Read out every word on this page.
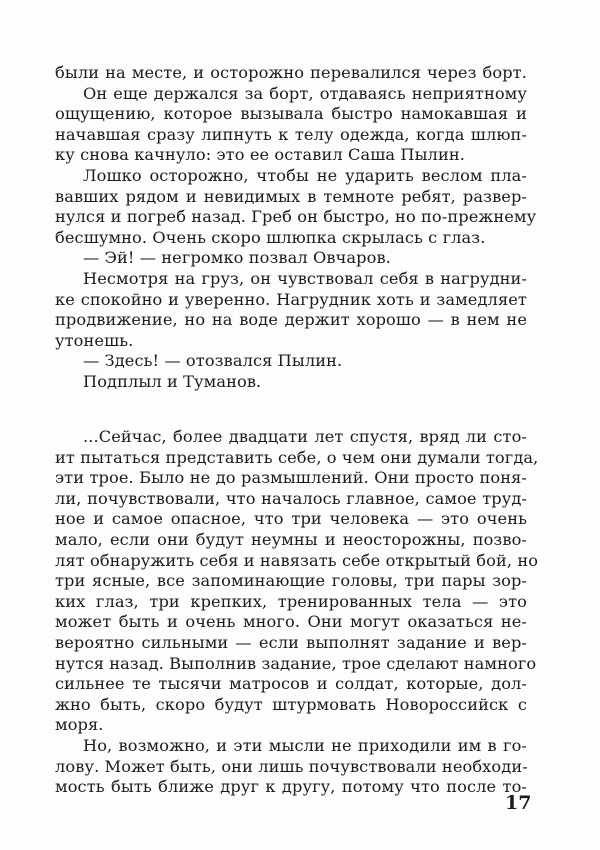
были на месте, и осторожно перевалился через борт.
Он еще держался за борт, отдаваясь неприятному
ощущению, которое вызывала быстро намокавшая и
начавшая сразу липнуть к телу одежда, когда шлюп-
ку снова качнуло: это ее оставил Саша Пылин.
Лошко осторожно, чтобы не ударить веслом пла-
вавших рядом и невидимых в темноте ребят, развер-
нулся и погреб назад. Греб он быстро, но по-прежнему
бесшумно. Очень скоро шлюпка скрылась с глаз.
— Эй! — негромко позвал Овчаров.
Несмотря на груз, он чувствовал себя в нагрудни-
ке спокойно и уверенно. Нагрудник хоть и замедляет
продвижение, но на воде держит хорошо — в нем не
утонешь.
— Здесь! — отозвался Пылин.
Подплыл и Туманов.
...Сейчас, более двадцати лет спустя, вряд ли сто-
ит пытаться представить себе, о чем они думали тогда,
эти трое. Было не до размышлений. Они просто поня-
ли, почувствовали, что началось главное, самое труд-
ное и самое опасное, что три человека — это очень
мало, если они будут неумны и неосторожны, позво-
лят обнаружить себя и навязать себе открытый бой, но
три ясные, все запоминающие головы, три пары зор-
ких глаз, три крепких, тренированных тела — это
может быть и очень много. Они могут оказаться не-
вероятно сильными — если выполнят задание и вер-
нутся назад. Выполнив задание, трое сделают намного
сильнее те тысячи матросов и солдат, которые, дол-
жно быть, скоро будут штурмовать Новороссийск с
моря.
Но, возможно, и эти мысли не приходили им в го-
лову. Может быть, они лишь почувствовали необходи-
мость быть ближе друг к другу, потому что после то-
17
